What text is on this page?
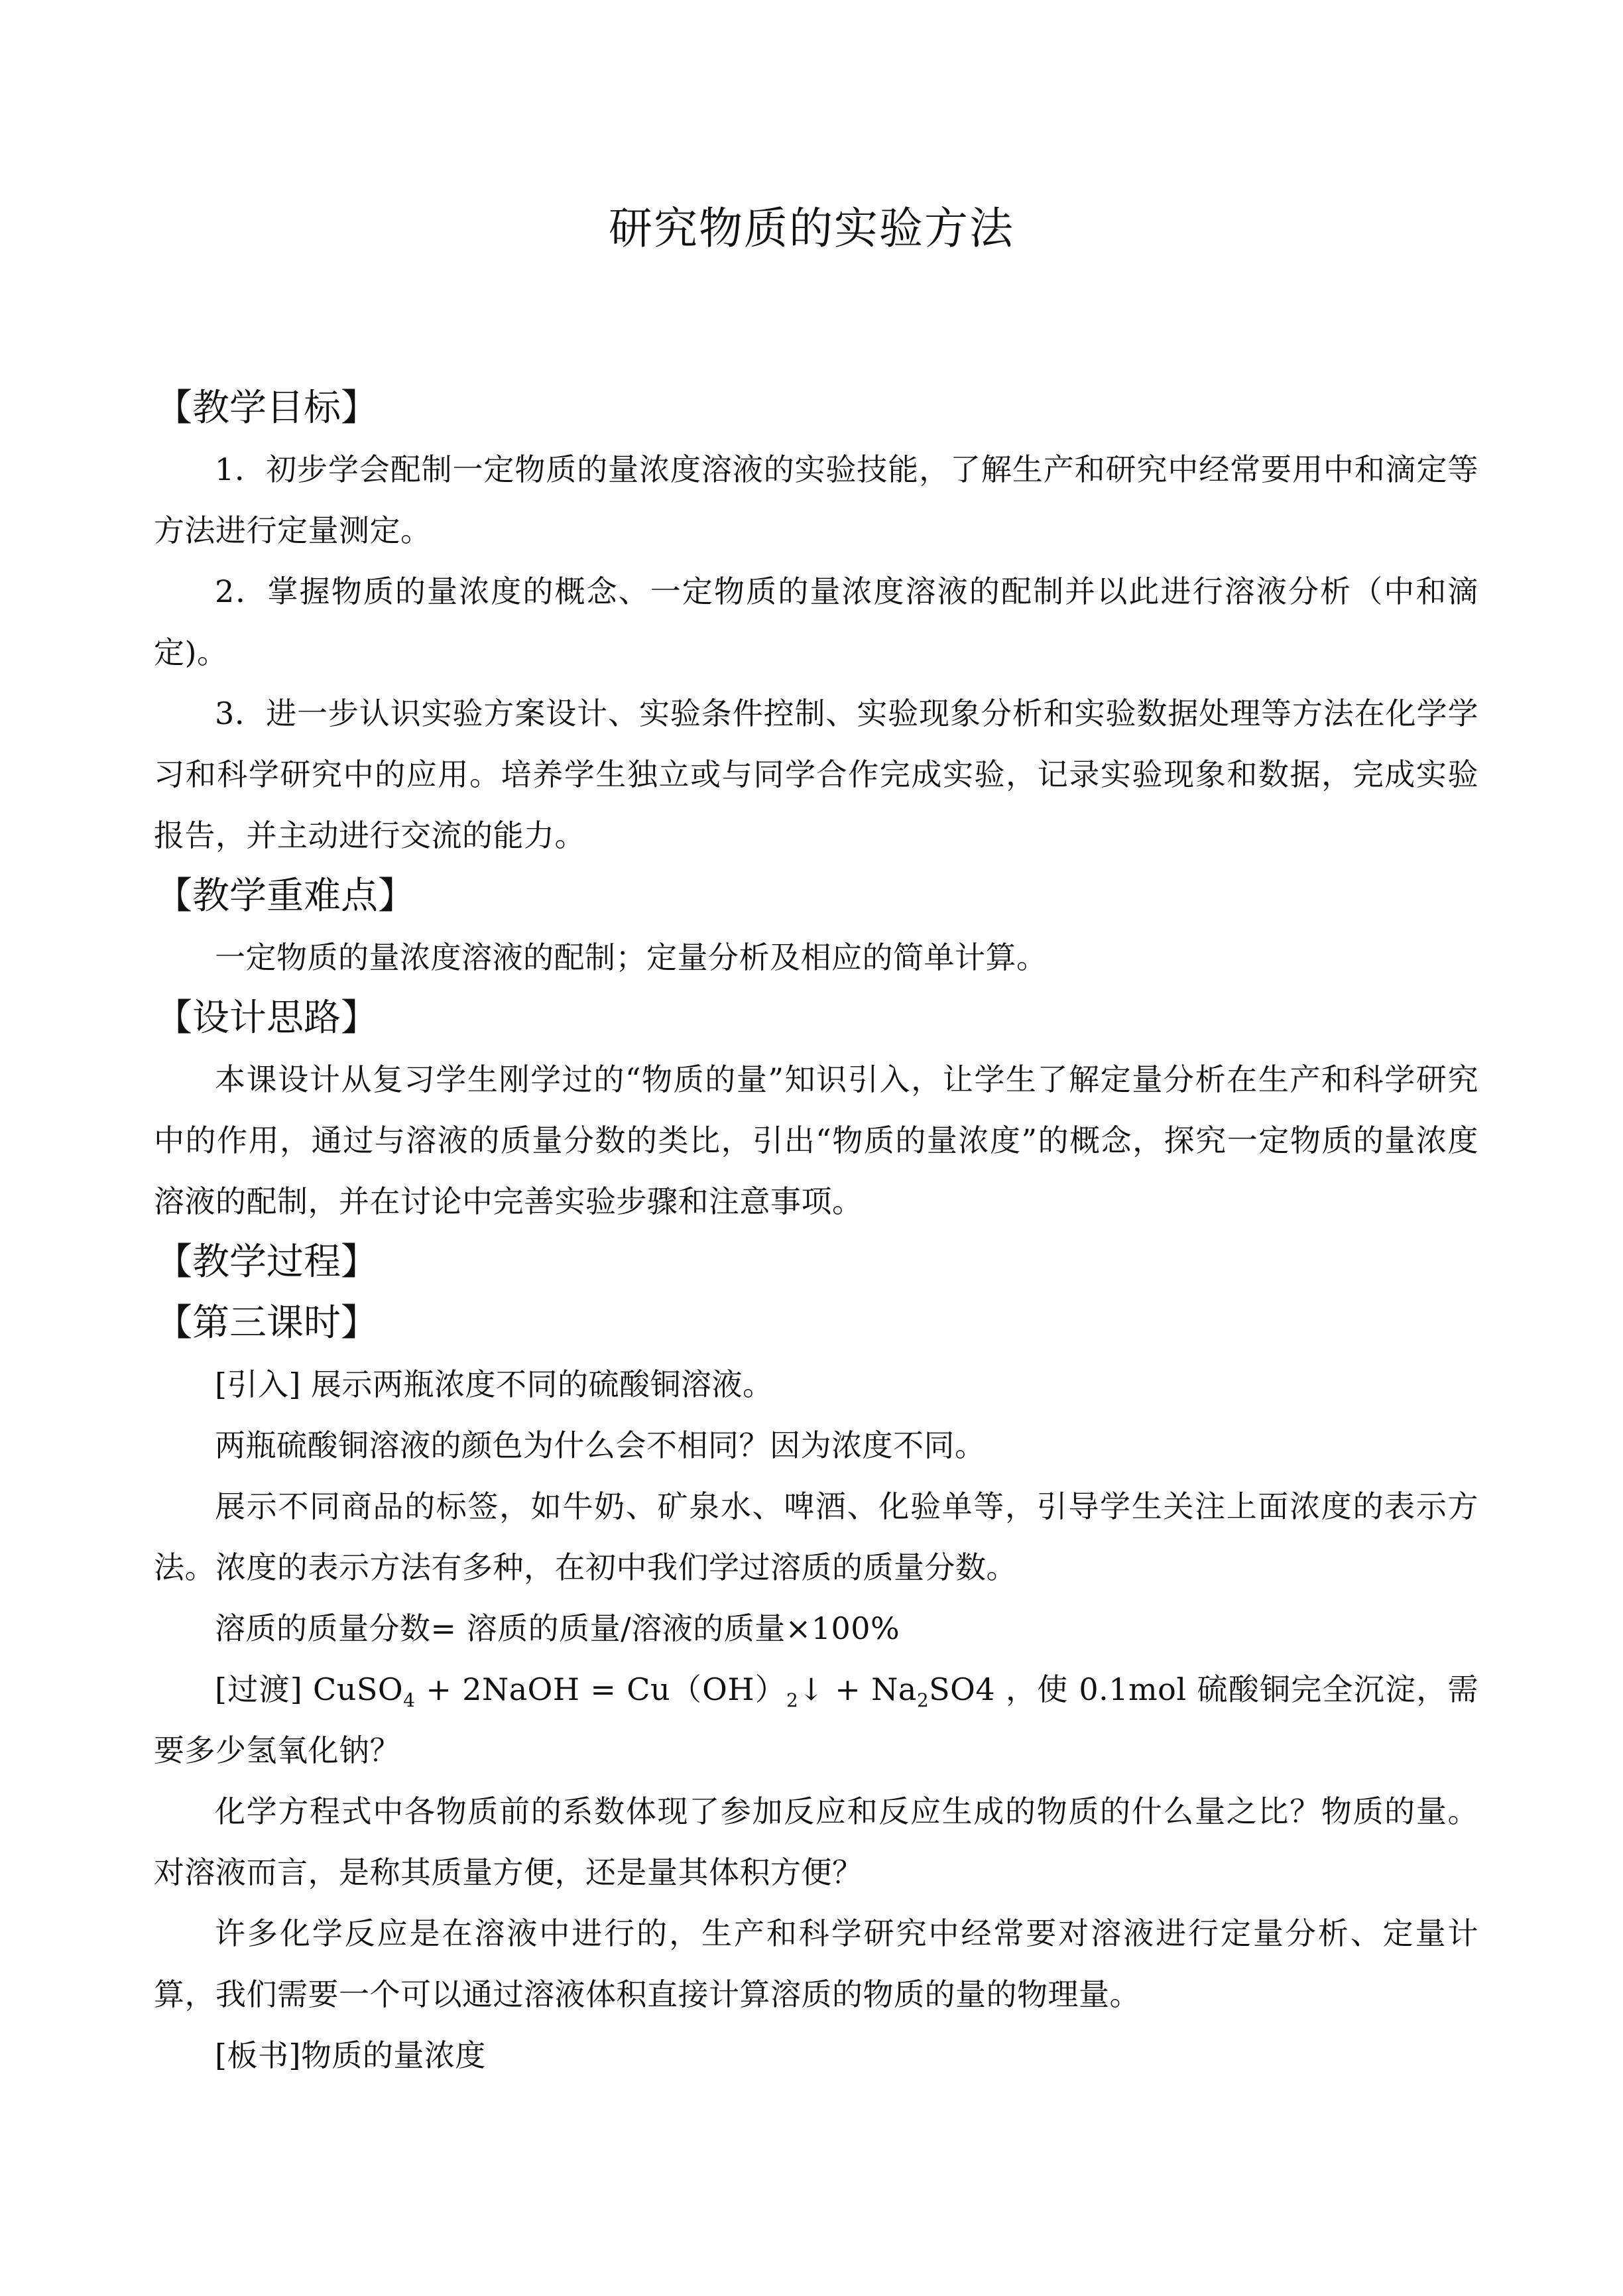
研究物质的实验方法
【教学目标】

1．初步学会配制一定物质的量浓度溶液的实验技能，了解生产和研究中经常要用中和滴定等方法进行定量测定。

2．掌握物质的量浓度的概念、一定物质的量浓度溶液的配制并以此进行溶液分析（中和滴定)。

3．进一步认识实验方案设计、实验条件控制、实验现象分析和实验数据处理等方法在化学学习和科学研究中的应用。培养学生独立或与同学合作完成实验，记录实验现象和数据，完成实验报告，并主动进行交流的能力。

【教学重难点】

一定物质的量浓度溶液的配制；定量分析及相应的简单计算。

【设计思路】

本课设计从复习学生刚学过的“物质的量”知识引入，让学生了解定量分析在生产和科学研究中的作用，通过与溶液的质量分数的类比，引出“物质的量浓度”的概念，探究一定物质的量浓度溶液的配制，并在讨论中完善实验步骤和注意事项。

【教学过程】
【第三课时】

[引入] 展示两瓶浓度不同的硫酸铜溶液。

两瓶硫酸铜溶液的颜色为什么会不相同？因为浓度不同。

展示不同商品的标签，如牛奶、矿泉水、啤酒、化验单等，引导学生关注上面浓度的表示方法。浓度的表示方法有多种，在初中我们学过溶质的质量分数。

溶质的质量分数= 溶质的质量/溶液的质量×100%

[过渡] CuSO$_4$ + 2NaOH = $Cu(OH)_2↓ + Na_2SO4$ ，使 0.1mol 硫酸铜完全沉淀，需要多少氢氧化钠？

化学方程式中各物质前的系数体现了参加反应和反应生成的物质的什么量之比？物质的量。对溶液而言，是称其质量方便，还是量其体积方便？

许多化学反应是在溶液中进行的，生产和科学研究中经常要对溶液进行定量分析、定量计算，我们需要一个可以通过溶液体积直接计算溶质的物质的量的物理量。

[板书]物质的量浓度
